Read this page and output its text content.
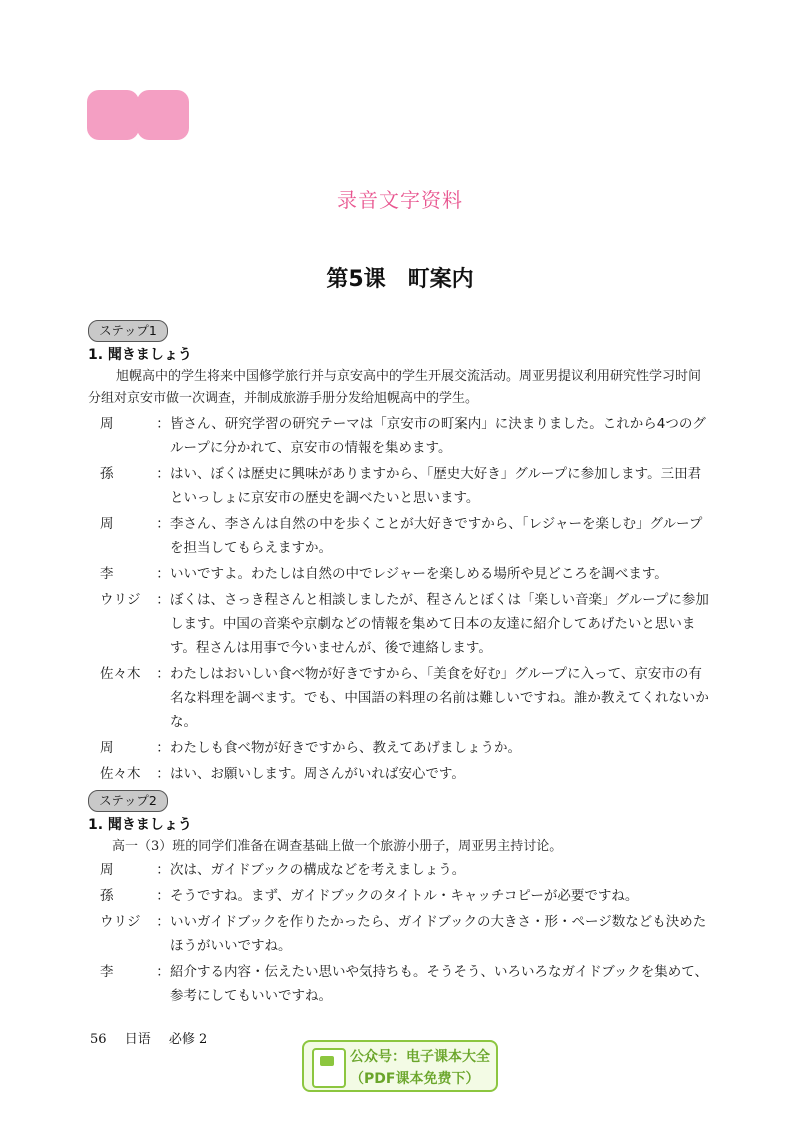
录音文字资料
第5课　町案内
ステップ1
1. 聞きましょう
旭幌高中的学生将来中国修学旅行并与京安高中的学生开展交流活动。周亚男提议利用研究性学习时间分组对京安市做一次调查，并制成旅游手册分发给旭幌高中的学生。
周	： 皆さん、研究学習の研究テーマは「京安市の町案内」に決まりました。これから4つのグループに分かれて、京安市の情報を集めます。
孫	： はい、ぼくは歴史に興味がありますから、「歴史大好き」グループに参加します。三田君といっしょに京安市の歴史を調べたいと思います。
周	： 李さん、李さんは自然の中を歩くことが大好きですから、「レジャーを楽しむ」グループを担当してもらえますか。
李	： いいですよ。わたしは自然の中でレジャーを楽しめる場所や見どころを調べます。
ウリジ	： ぼくは、さっき程さんと相談しましたが、程さんとぼくは「楽しい音楽」グループに参加します。中国の音楽や京劇などの情報を集めて日本の友達に紹介してあげたいと思います。程さんは用事で今いませんが、後で連絡します。
佐々木	： わたしはおいしい食べ物が好きですから、「美食を好む」グループに入って、京安市の有名な料理を調べます。でも、中国語の料理の名前は難しいですね。誰か教えてくれないかな。
周	： わたしも食べ物が好きですから、教えてあげましょうか。
佐々木	： はい、お願いします。周さんがいれば安心です。
ステップ2
1. 聞きましょう
高一（3）班的同学们准备在调查基础上做一个旅游小册子，周亚男主持讨论。
周	： 次は、ガイドブックの構成などを考えましょう。
孫	： そうですね。まず、ガイドブックのタイトル・キャッチコピーが必要ですね。
ウリジ	： いいガイドブックを作りたかったら、ガイドブックの大きさ・形・ページ数なども決めたほうがいいですね。
李	： 紹介する内容・伝えたい思いや気持ちも。そうそう、いろいろなガイドブックを集めて、参考にしてもいいですね。
56 日语 必修 2
公众号：电子课本大全
（PDF课本免费下）
